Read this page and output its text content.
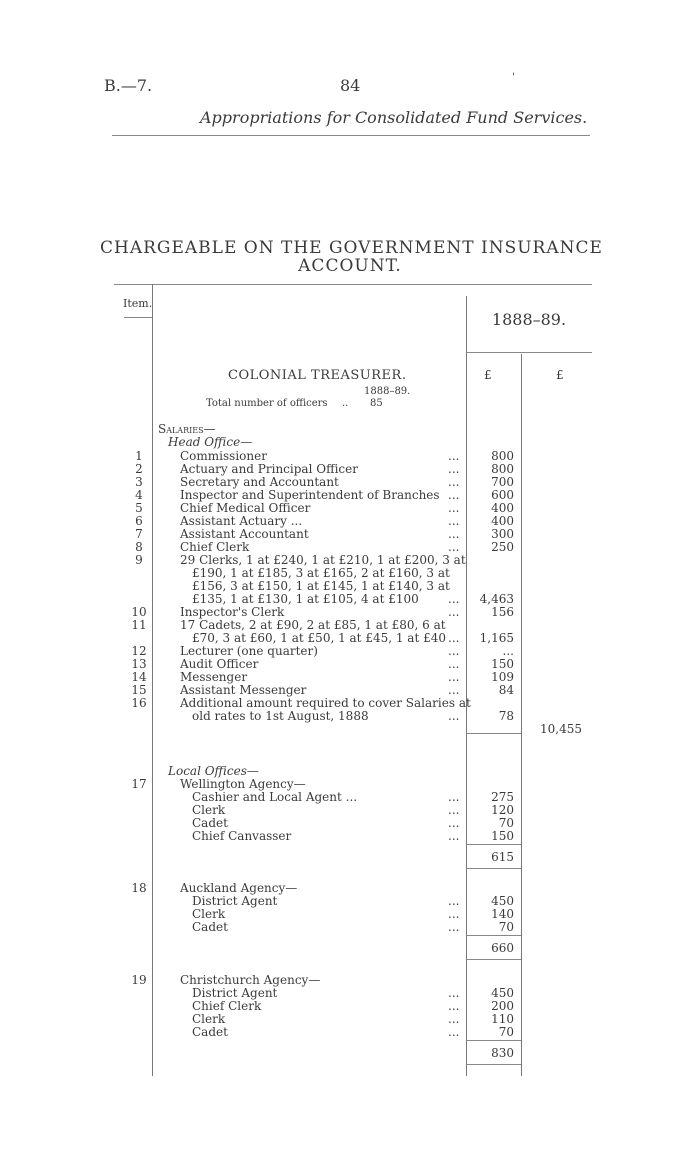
B.—7.	84	'
Appropriations for Consolidated Fund Services.
CHARGEABLE ON THE GOVERNMENT INSURANCE
ACCOUNT.
Item.
1888–89.
£	£
COLONIAL TREASURER.
1888–89.
Total number of officers .. 85
Salaries—
Head Office—
1	Commissioner	...	800
2	Actuary and Principal Officer	...	800
3	Secretary and Accountant	...	700
4	Inspector and Superintendent of Branches ...	600
5	Chief Medical Officer	...	400
6	Assistant Actuary ...	...	400
7	Assistant Accountant	...	300
8	Chief Clerk	...	250
9	29 Clerks, 1 at £240, 1 at £210, 1 at £200, 3 at
£190, 1 at £185, 3 at £165, 2 at £160, 3 at
£156, 3 at £150, 1 at £145, 1 at £140, 3 at
£135, 1 at £130, 1 at £105, 4 at £100 ...	4,463
10	Inspector's Clerk	...	156
11	17 Cadets, 2 at £90, 2 at £85, 1 at £80, 6 at
£70, 3 at £60, 1 at £50, 1 at £45, 1 at £40 ...	1,165
12	Lecturer (one quarter)	...	...
13	Audit Officer	...	150
14	Messenger	...	109
15	Assistant Messenger	...	84
16	Additional amount required to cover Salaries at
old rates to 1st August, 1888	...	78
10,455
Local Offices—
17	Wellington Agency—
Cashier and Local Agent ...	...	275
Clerk	...	120
Cadet	...	70
Chief Canvasser	...	150
615
18	Auckland Agency—
District Agent	...	450
Clerk	...	140
Cadet	...	70
660
19	Christchurch Agency—
District Agent	...	450
Chief Clerk	...	200
Clerk	...	110
Cadet	...	70
830
